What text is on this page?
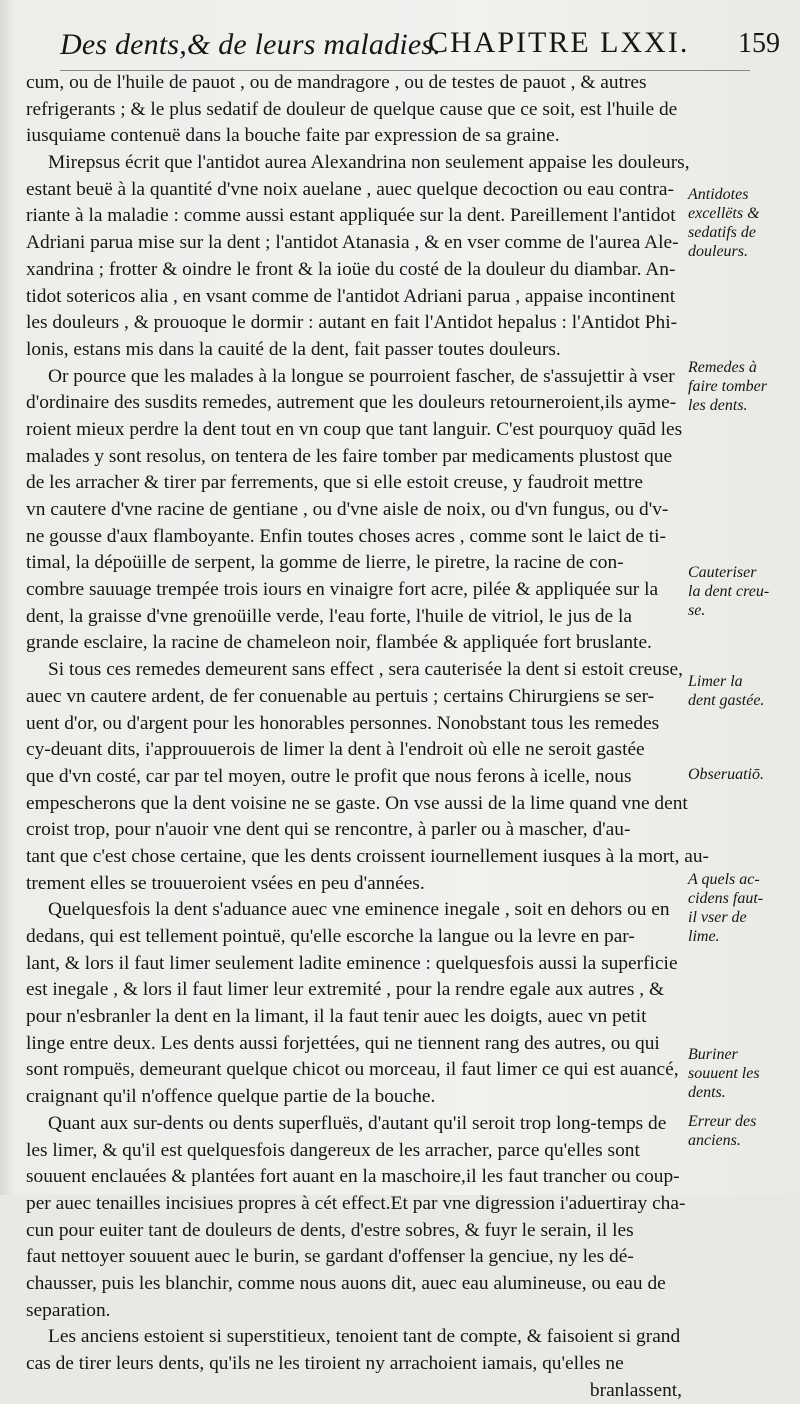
Des dents,& de leurs maladies.
CHAPITRE LXXI. 159
cum, ou de l'huile de pauot , ou de mandragore , ou de testes de pauot , & autres
refrigerants ; & le plus sedatif de douleur de quelque cause que ce soit, est l'huile de
iusquiame contenuë dans la bouche faite par expression de sa graine.
Mirepsus écrit que l'antidot aurea Alexandrina non seulement appaise les douleurs,
estant beuë à la quantité d'vne noix auelane , auec quelque decoction ou eau contra-
riante à la maladie : comme aussi estant appliquée sur la dent. Pareillement l'antidot
Adriani parua mise sur la dent ; l'antidot Atanasia , & en vser comme de l'aurea Ale-
xandrina ; frotter & oindre le front & la ioüe du costé de la douleur du diambar. An-
tidot sotericos alia , en vsant comme de l'antidot Adriani parua , appaise incontinent
les douleurs , & prouoque le dormir : autant en fait l'Antidot hepalus : l'Antidot Phi-
lonis, estans mis dans la cauité de la dent, fait passer toutes douleurs.
Or pource que les malades à la longue se pourroient fascher, de s'assujettir à vser
d'ordinaire des susdits remedes, autrement que les douleurs retourneroient,ils ayme-
roient mieux perdre la dent tout en vn coup que tant languir. C'est pourquoy quād les
malades y sont resolus, on tentera de les faire tomber par medicaments plustost que
de les arracher & tirer par ferrements, que si elle estoit creuse, y faudroit mettre
vn cautere d'vne racine de gentiane , ou d'vne aisle de noix, ou d'vn fungus, ou d'v-
ne gousse d'aux flamboyante. Enfin toutes choses acres , comme sont le laict de ti-
timal, la dépoüille de serpent, la gomme de lierre, le piretre, la racine de con-
combre sauuage trempée trois iours en vinaigre fort acre, pilée & appliquée sur la
dent, la graisse d'vne grenoüille verde, l'eau forte, l'huile de vitriol, le jus de la
grande esclaire, la racine de chameleon noir, flambée & appliquée fort bruslante.
Si tous ces remedes demeurent sans effect , sera cauterisée la dent si estoit creuse,
auec vn cautere ardent, de fer conuenable au pertuis ; certains Chirurgiens se ser-
uent d'or, ou d'argent pour les honorables personnes. Nonobstant tous les remedes
cy-deuant dits, i'approuuerois de limer la dent à l'endroit où elle ne seroit gastée
que d'vn costé, car par tel moyen, outre le profit que nous ferons à icelle, nous
empescherons que la dent voisine ne se gaste. On vse aussi de la lime quand vne dent
croist trop, pour n'auoir vne dent qui se rencontre, à parler ou à mascher, d'au-
tant que c'est chose certaine, que les dents croissent iournellement iusques à la mort, au-
trement elles se trouueroient vsées en peu d'années.
Quelquesfois la dent s'aduance auec vne eminence inegale , soit en dehors ou en
dedans, qui est tellement pointuë, qu'elle escorche la langue ou la levre en par-
lant, & lors il faut limer seulement ladite eminence : quelquesfois aussi la superficie
est inegale , & lors il faut limer leur extremité , pour la rendre egale aux autres , &
pour n'esbranler la dent en la limant, il la faut tenir auec les doigts, auec vn petit
linge entre deux. Les dents aussi forjettées, qui ne tiennent rang des autres, ou qui
sont rompuës, demeurant quelque chicot ou morceau, il faut limer ce qui est auancé,
craignant qu'il n'offence quelque partie de la bouche.
Quant aux sur-dents ou dents superfluës, d'autant qu'il seroit trop long-temps de
les limer, & qu'il est quelquesfois dangereux de les arracher, parce qu'elles sont
souuent enclauées & plantées fort auant en la maschoire,il les faut trancher ou coup-
per auec tenailles incisiues propres à cét effect.Et par vne digression i'aduertiray cha-
cun pour euiter tant de douleurs de dents, d'estre sobres, & fuyr le serain, il les
faut nettoyer souuent auec le burin, se gardant d'offenser la genciue, ny les dé-
chausser, puis les blanchir, comme nous auons dit, auec eau alumineuse, ou eau de
separation.
Les anciens estoient si superstitieux, tenoient tant de compte, & faisoient si grand
cas de tirer leurs dents, qu'ils ne les tiroient ny arrachoient iamais, qu'elles ne
branlassent,
Antidotes
excellëts &
sedatifs de
douleurs.
Remedes à
faire tomber
les dents.
Cauteriser
la dent creu-
se.
Limer la
dent gastée.
Obseruatiō.
A quels ac-
cidens faut-
il vser de
lime.
Buriner
souuent les
dents.
Erreur des
anciens.
